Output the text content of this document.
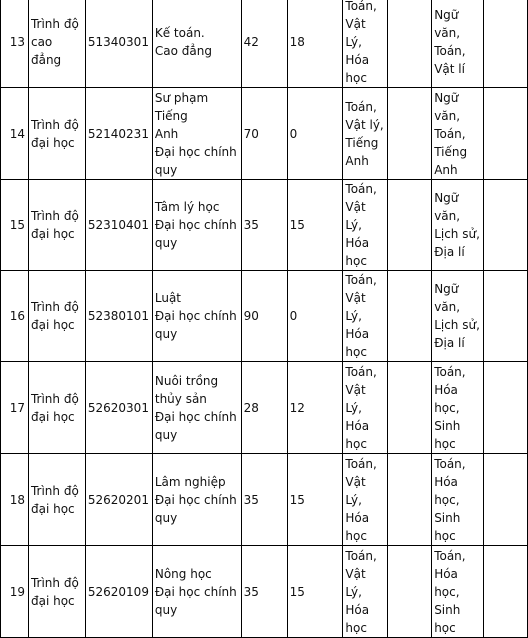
13	Trình độ
cao đẳng	51340301	Kế toán.
Cao đẳng	42	18	Toán,
Vật Lý,
Hóa
học		Ngữ
văn,
Toán,
Vật lí	
14	Trình độ
đại học	52140231	Sư phạm Tiếng
Anh
Đại học chính
quy	70	0	Toán,
Vật lý,
Tiếng
Anh		Ngữ
văn,
Toán,
Tiếng
Anh	
15	Trình độ
đại học	52310401	Tâm lý học
Đại học chính
quy	35	15	Toán,
Vật Lý,
Hóa
học		Ngữ
văn,
Lịch sử,
Địa lí	
16	Trình độ
đại học	52380101	Luật
Đại học chính
quy	90	0	Toán,
Vật Lý,
Hóa
học		Ngữ
văn,
Lịch sử,
Địa lí	
17	Trình độ
đại học	52620301	Nuôi trồng
thủy sản
Đại học chính
quy	28	12	Toán,
Vật Lý,
Hóa
học		Toán,
Hóa
học,
Sinh
học	
18	Trình độ
đại học	52620201	Lâm nghiệp
Đại học chính
quy	35	15	Toán,
Vật Lý,
Hóa
học		Toán,
Hóa
học,
Sinh
học	
19	Trình độ
đại học	52620109	Nông học
Đại học chính
quy	35	15	Toán,
Vật Lý,
Hóa
học		Toán,
Hóa
học,
Sinh
học	
